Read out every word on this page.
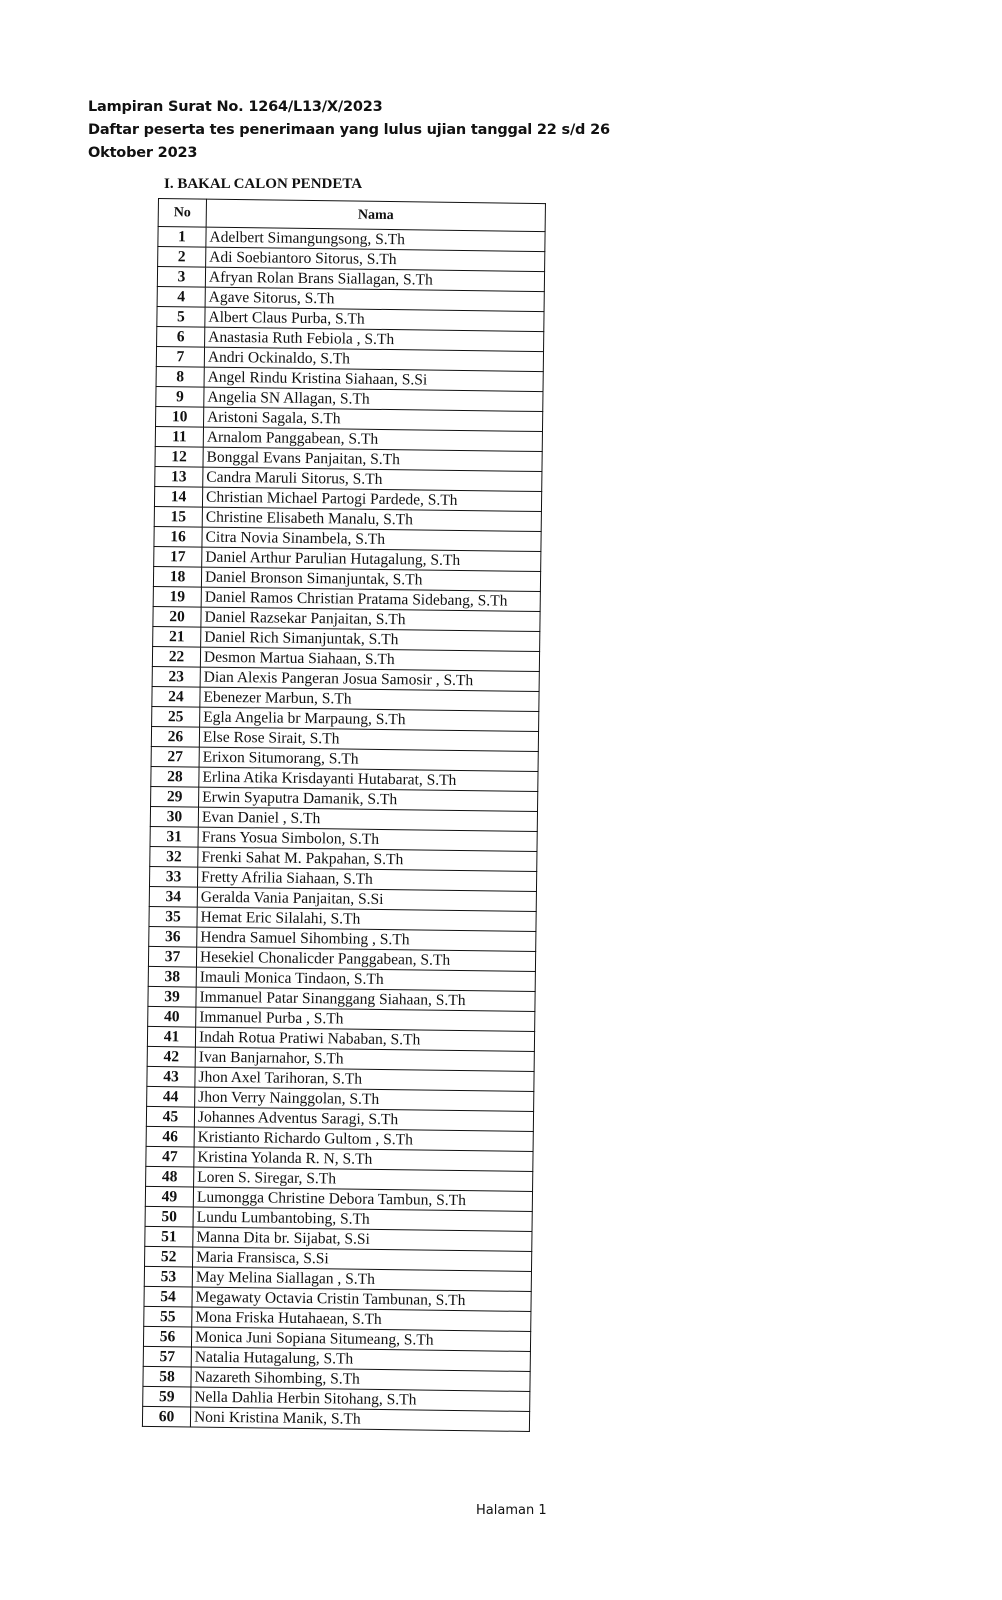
Lampiran Surat No. 1264/L13/X/2023
Daftar peserta tes penerimaan yang lulus ujian tanggal 22 s/d 26
Oktober 2023
I. BAKAL CALON PENDETA
No	Nama
1	Adelbert Simangungsong, S.Th
2	Adi Soebiantoro Sitorus, S.Th
3	Afryan Rolan Brans Siallagan, S.Th
4	Agave Sitorus, S.Th
5	Albert Claus Purba, S.Th
6	Anastasia Ruth Febiola , S.Th
7	Andri Ockinaldo, S.Th
8	Angel Rindu Kristina Siahaan, S.Si
9	Angelia SN Allagan, S.Th
10	Aristoni Sagala, S.Th
11	Arnalom Panggabean, S.Th
12	Bonggal Evans Panjaitan, S.Th
13	Candra Maruli Sitorus, S.Th
14	Christian Michael Partogi Pardede, S.Th
15	Christine Elisabeth Manalu, S.Th
16	Citra Novia Sinambela, S.Th
17	Daniel Arthur Parulian Hutagalung, S.Th
18	Daniel Bronson Simanjuntak, S.Th
19	Daniel Ramos Christian Pratama Sidebang, S.Th
20	Daniel Razsekar Panjaitan, S.Th
21	Daniel Rich Simanjuntak, S.Th
22	Desmon Martua Siahaan, S.Th
23	Dian Alexis Pangeran Josua Samosir , S.Th
24	Ebenezer Marbun, S.Th
25	Egla Angelia br Marpaung, S.Th
26	Else Rose Sirait, S.Th
27	Erixon Situmorang, S.Th
28	Erlina Atika Krisdayanti Hutabarat, S.Th
29	Erwin Syaputra Damanik, S.Th
30	Evan Daniel , S.Th
31	Frans Yosua Simbolon, S.Th
32	Frenki Sahat M. Pakpahan, S.Th
33	Fretty Afrilia Siahaan, S.Th
34	Geralda Vania Panjaitan, S.Si
35	Hemat Eric Silalahi, S.Th
36	Hendra Samuel Sihombing , S.Th
37	Hesekiel Chonalicder Panggabean, S.Th
38	Imauli Monica Tindaon, S.Th
39	Immanuel Patar Sinanggang Siahaan, S.Th
40	Immanuel Purba , S.Th
41	Indah Rotua Pratiwi Nababan, S.Th
42	Ivan Banjarnahor, S.Th
43	Jhon Axel Tarihoran, S.Th
44	Jhon Verry Nainggolan, S.Th
45	Johannes Adventus Saragi, S.Th
46	Kristianto Richardo Gultom , S.Th
47	Kristina Yolanda R. N, S.Th
48	Loren S. Siregar, S.Th
49	Lumongga Christine Debora Tambun, S.Th
50	Lundu Lumbantobing, S.Th
51	Manna Dita br. Sijabat, S.Si
52	Maria Fransisca, S.Si
53	May Melina Siallagan , S.Th
54	Megawaty Octavia Cristin Tambunan, S.Th
55	Mona Friska Hutahaean, S.Th
56	Monica Juni Sopiana Situmeang, S.Th
57	Natalia Hutagalung, S.Th
58	Nazareth Sihombing, S.Th
59	Nella Dahlia Herbin Sitohang, S.Th
60	Noni Kristina Manik, S.Th
Halaman 1
